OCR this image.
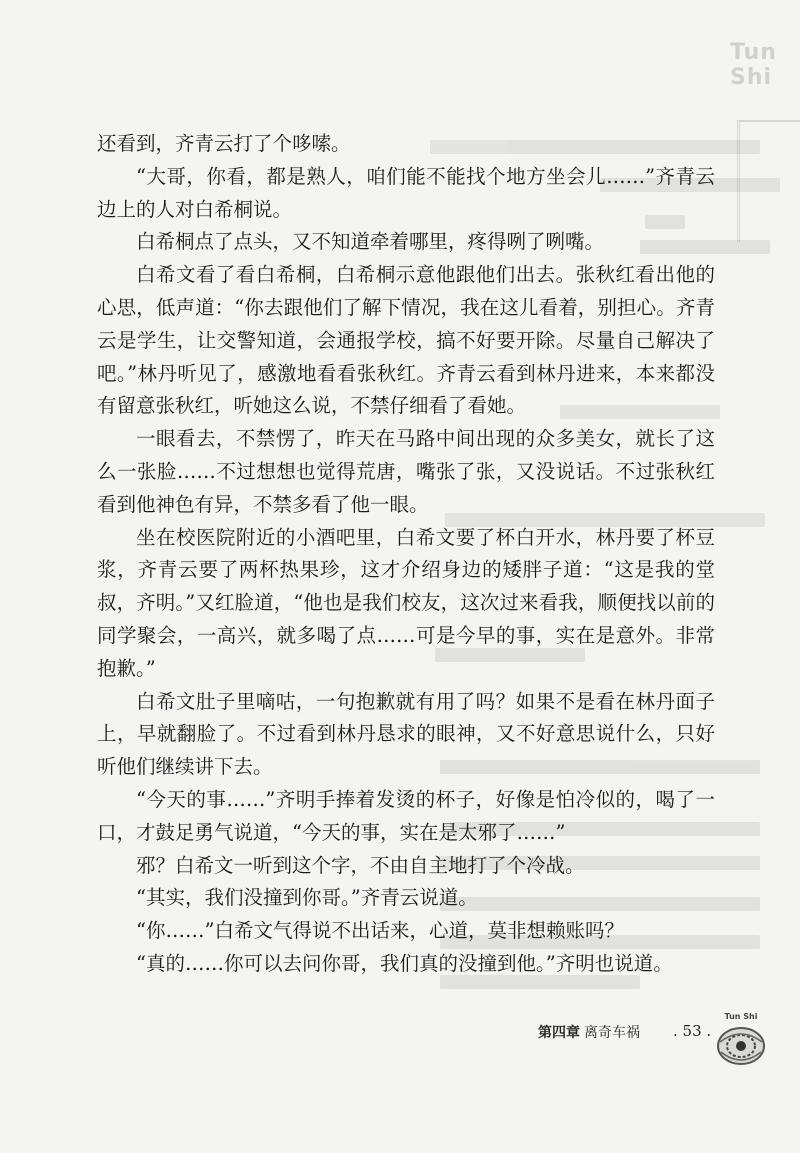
Tun Shi

还看到，齐青云打了个哆嗦。

“大哥，你看，都是熟人，咱们能不能找个地方坐会儿……”齐青云边上的人对白希桐说。

白希桐点了点头，又不知道牵着哪里，疼得咧了咧嘴。

白希文看了看白希桐，白希桐示意他跟他们出去。张秋红看出他的心思，低声道：“你去跟他们了解下情况，我在这儿看着，别担心。齐青云是学生，让交警知道，会通报学校，搞不好要开除。尽量自己解决了吧。”林丹听见了，感激地看看张秋红。齐青云看到林丹进来，本来都没有留意张秋红，听她这么说，不禁仔细看了看她。

一眼看去，不禁愣了，昨天在马路中间出现的众多美女，就长了这么一张脸……不过想想也觉得荒唐，嘴张了张，又没说话。不过张秋红看到他神色有异，不禁多看了他一眼。

坐在校医院附近的小酒吧里，白希文要了杯白开水，林丹要了杯豆浆，齐青云要了两杯热果珍，这才介绍身边的矮胖子道：“这是我的堂叔，齐明。”又红脸道，“他也是我们校友，这次过来看我，顺便找以前的同学聚会，一高兴，就多喝了点……可是今早的事，实在是意外。非常抱歉。”

白希文肚子里嘀咕，一句抱歉就有用了吗？如果不是看在林丹面子上，早就翻脸了。不过看到林丹恳求的眼神，又不好意思说什么，只好听他们继续讲下去。

“今天的事……”齐明手捧着发烫的杯子，好像是怕冷似的，喝了一口，才鼓足勇气说道，“今天的事，实在是太邪了……”

邪？白希文一听到这个字，不由自主地打了个冷战。

“其实，我们没撞到你哥。”齐青云说道。

“你……”白希文气得说不出话来，心道，莫非想赖账吗？

“真的……你可以去问你哥，我们真的没撞到他。”齐明也说道。

第四章 离奇车祸 . 53 .
Tun Shi
